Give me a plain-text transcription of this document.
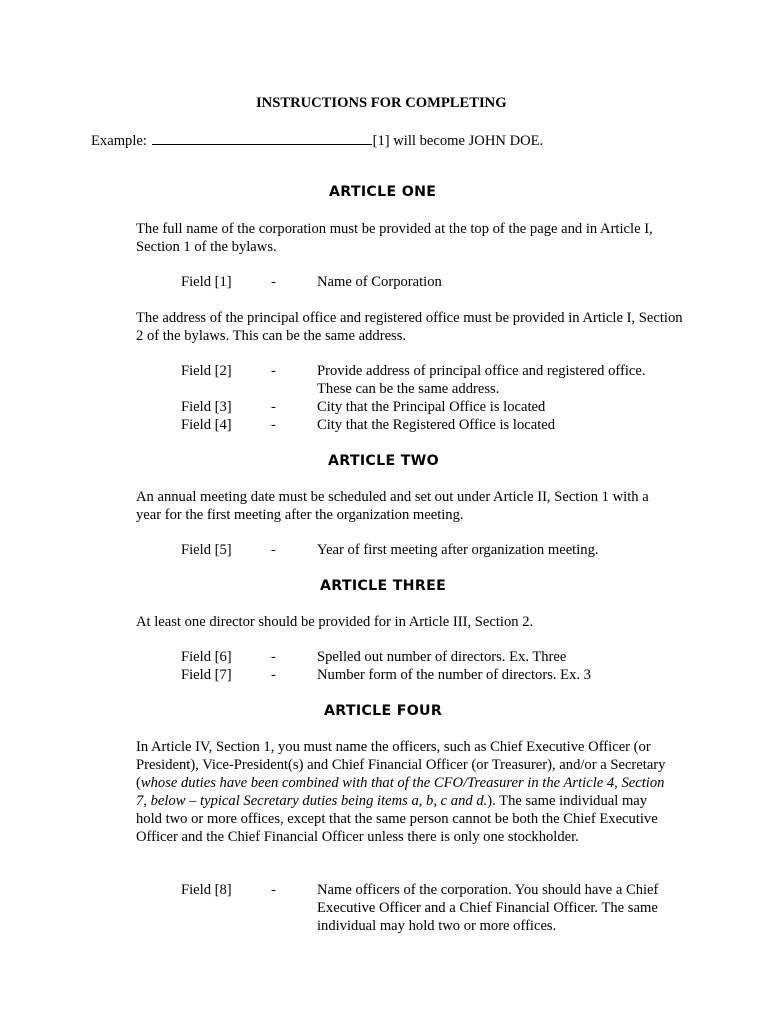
INSTRUCTIONS FOR COMPLETING
Example:	[1] will become JOHN DOE.
ARTICLE ONE
The full name of the corporation must be provided at the top of the page and in Article I, Section 1 of the bylaws.
Field [1]	-	Name of Corporation
The address of the principal office and registered office must be provided in Article I, Section 2 of the bylaws. This can be the same address.
Field [2]	-	Provide address of principal office and registered office. These can be the same address.
Field [3]	-	City that the Principal Office is located
Field [4]	-	City that the Registered Office is located
ARTICLE TWO
An annual meeting date must be scheduled and set out under Article II, Section 1 with a year for the first meeting after the organization meeting.
Field [5]	-	Year of first meeting after organization meeting.
ARTICLE THREE
At least one director should be provided for in Article III, Section 2.
Field [6]	-	Spelled out number of directors. Ex. Three
Field [7]	-	Number form of the number of directors. Ex. 3
ARTICLE FOUR
In Article IV, Section 1, you must name the officers, such as Chief Executive Officer (or President), Vice-President(s) and Chief Financial Officer (or Treasurer), and/or a Secretary (whose duties have been combined with that of the CFO/Treasurer in the Article 4, Section 7, below – typical Secretary duties being items a, b, c and d.). The same individual may hold two or more offices, except that the same person cannot be both the Chief Executive Officer and the Chief Financial Officer unless there is only one stockholder.
Field [8]	-	Name officers of the corporation. You should have a Chief Executive Officer and a Chief Financial Officer. The same individual may hold two or more offices.
